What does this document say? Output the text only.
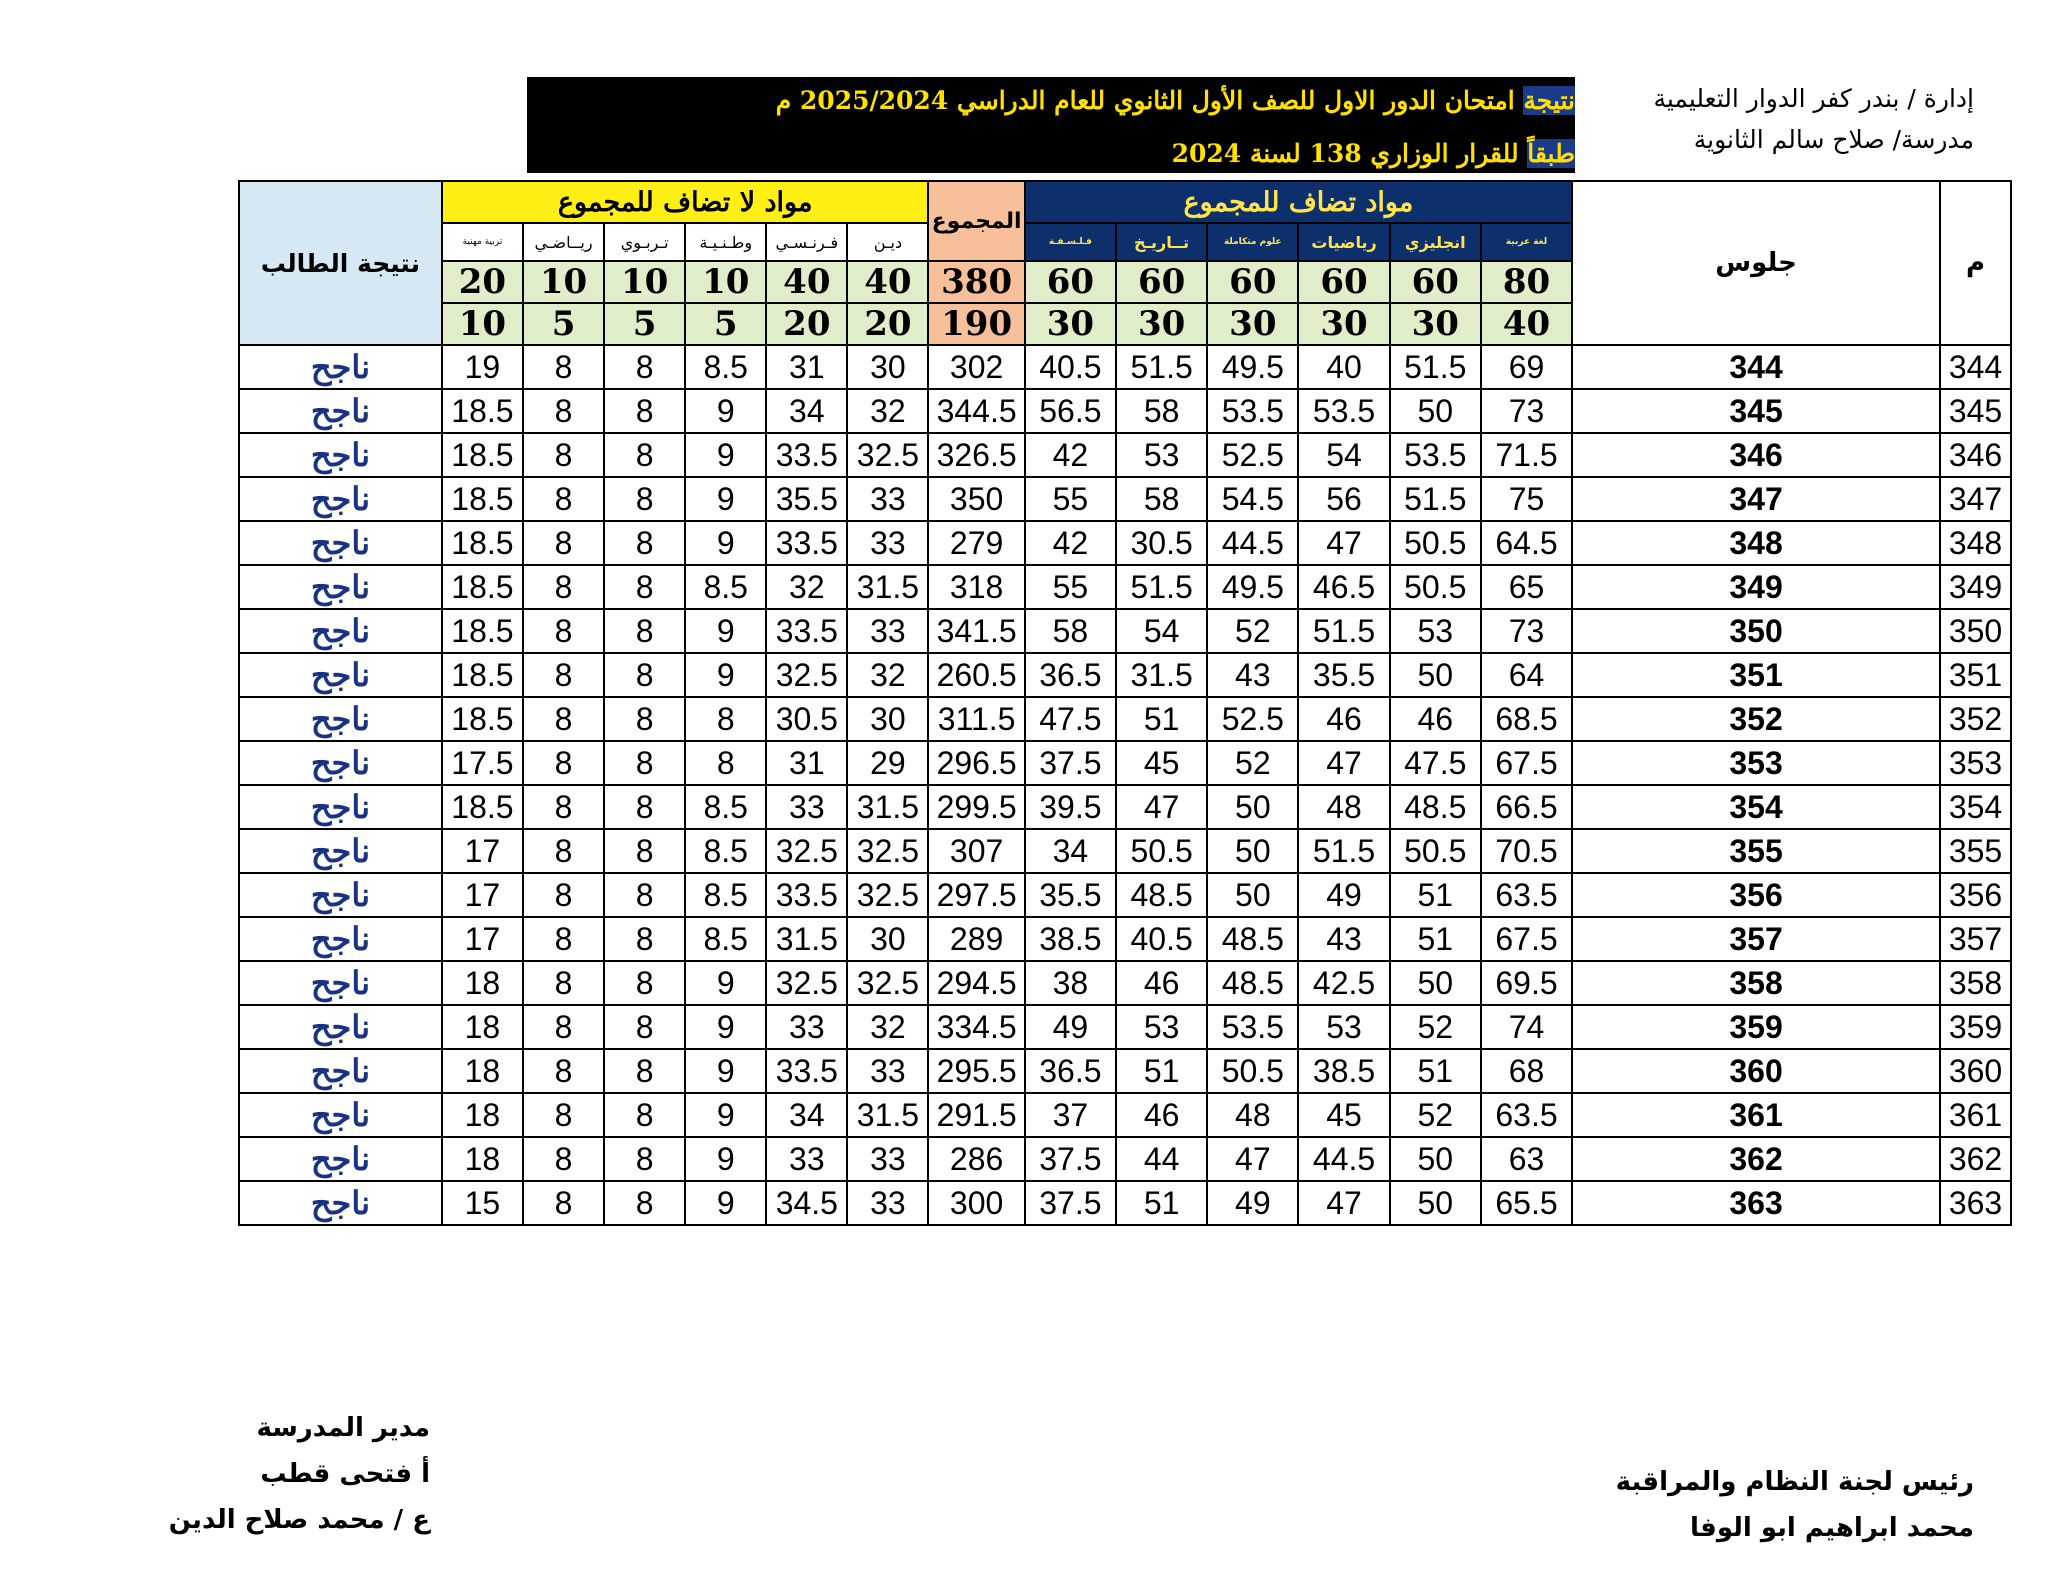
إدارة / بندر كفر الدوار التعليمية
مدرسة/ صلاح سالم الثانوية
نتيجة امتحان الدور الاول للصف الأول الثانوي للعام الدراسي 2025/2024 م
طبقاً للقرار الوزاري 138 لسنة 2024
م	جلوس	مواد تضاف للمجموع						المجموع	مواد لا تضاف للمجموع						نتيجة الطالب
		لغة عربية	انجليزي	رياضيات	علوم متكاملة	تــاريـخ	فـلـسـفـة		ديـن	فـرنـسـي	وطـنـيـة	تـربـوي	ريــاضـي	تربية مهنية	
		80	60	60	60	60	60	380	40	40	10	10	10	20	
		40	30	30	30	30	30	190	20	20	5	5	5	10	

344	344	69	51.5	40	49.5	51.5	40.5	302	30	31	8.5	8	8	19	ناجح
345	345	73	50	53.5	53.5	58	56.5	344.5	32	34	9	8	8	18.5	ناجح
346	346	71.5	53.5	54	52.5	53	42	326.5	32.5	33.5	9	8	8	18.5	ناجح
347	347	75	51.5	56	54.5	58	55	350	33	35.5	9	8	8	18.5	ناجح
348	348	64.5	50.5	47	44.5	30.5	42	279	33	33.5	9	8	8	18.5	ناجح
349	349	65	50.5	46.5	49.5	51.5	55	318	31.5	32	8.5	8	8	18.5	ناجح
350	350	73	53	51.5	52	54	58	341.5	33	33.5	9	8	8	18.5	ناجح
351	351	64	50	35.5	43	31.5	36.5	260.5	32	32.5	9	8	8	18.5	ناجح
352	352	68.5	46	46	52.5	51	47.5	311.5	30	30.5	8	8	8	18.5	ناجح
353	353	67.5	47.5	47	52	45	37.5	296.5	29	31	8	8	8	17.5	ناجح
354	354	66.5	48.5	48	50	47	39.5	299.5	31.5	33	8.5	8	8	18.5	ناجح
355	355	70.5	50.5	51.5	50	50.5	34	307	32.5	32.5	8.5	8	8	17	ناجح
356	356	63.5	51	49	50	48.5	35.5	297.5	32.5	33.5	8.5	8	8	17	ناجح
357	357	67.5	51	43	48.5	40.5	38.5	289	30	31.5	8.5	8	8	17	ناجح
358	358	69.5	50	42.5	48.5	46	38	294.5	32.5	32.5	9	8	8	18	ناجح
359	359	74	52	53	53.5	53	49	334.5	32	33	9	8	8	18	ناجح
360	360	68	51	38.5	50.5	51	36.5	295.5	33	33.5	9	8	8	18	ناجح
361	361	63.5	52	45	48	46	37	291.5	31.5	34	9	8	8	18	ناجح
362	362	63	50	44.5	47	44	37.5	286	33	33	9	8	8	18	ناجح
363	363	65.5	50	47	49	51	37.5	300	33	34.5	9	8	8	15	ناجح
مدير المدرسة
أ فتحى قطب
ع / محمد صلاح الدين
رئيس لجنة النظام والمراقبة
محمد ابراهيم ابو الوفا
